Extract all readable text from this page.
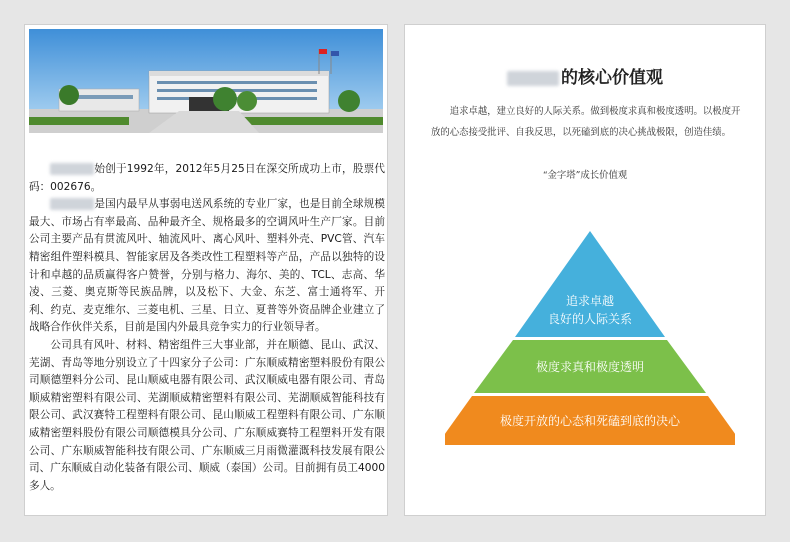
始创于1992年，2012年5月25日在深交所成功上市，股票代码：002676。

是国内最早从事弱电送风系统的专业厂家，也是目前全球规模最大、市场占有率最高、品种最齐全、规格最多的空调风叶生产厂家。目前公司主要产品有贯流风叶、轴流风叶、离心风叶、塑料外壳、PVC管、汽车精密组件塑料模具、智能家居及各类改性工程塑料等产品，产品以独特的设计和卓越的品质赢得客户赞誉，分别与格力、海尔、美的、TCL、志高、华凌、三菱、奥克斯等民族品牌，以及松下、大金、东芝、富士通将军、开利、约克、麦克维尔、三菱电机、三星、日立、夏普等外资品牌企业建立了战略合作伙伴关系，目前是国内外最具竞争实力的行业领导者。

公司具有风叶、材料、精密组件三大事业部，并在顺德、昆山、武汉、芜湖、青岛等地分别设立了十四家分子公司：广东顺威精密塑料股份有限公司顺德塑料分公司、昆山顺威电器有限公司、武汉顺威电器有限公司、青岛顺威精密塑料有限公司、芜湖顺威精密塑料有限公司、芜湖顺威智能科技有限公司、武汉赛特工程塑料有限公司、昆山顺威工程塑料有限公司、广东顺威精密塑料股份有限公司顺德模具分公司、广东顺威赛特工程塑料开发有限公司、广东顺威智能科技有限公司、广东顺威三月雨微灌溉科技发展有限公司、广东顺威自动化装备有限公司、顺威（泰国）公司。目前拥有员工4000多人。

的核心价值观
追求卓越，建立良好的人际关系。做到极度求真和极度透明。以极度开放的心态接受批评、自我反思，以死磕到底的决心挑战极限，创造佳绩。
“金字塔”成长价值观
追求卓越
良好的人际关系
极度求真和极度透明
极度开放的心态和死磕到底的决心
